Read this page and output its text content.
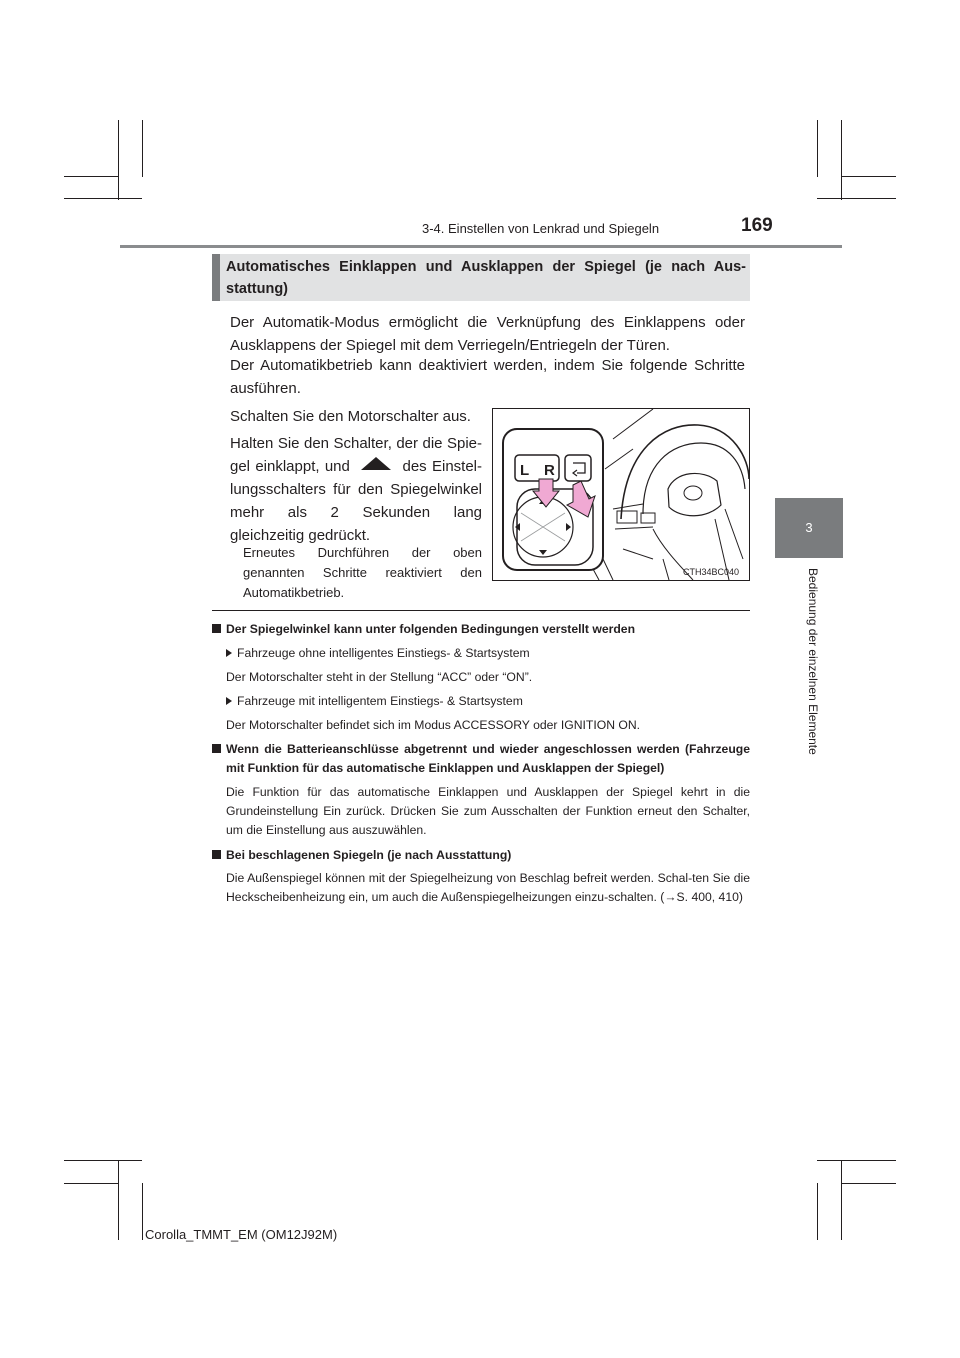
3-4. Einstellen von Lenkrad und Spiegeln	169
3
Bedienung der einzelnen Elemente
Automatisches Einklappen und Ausklappen der Spiegel (je nach Aus-stattung)
Der Automatik-Modus ermöglicht die Verknüpfung des Einklappens oder Ausklappens der Spiegel mit dem Verriegeln/Entriegeln der Türen.
Der Automatikbetrieb kann deaktiviert werden, indem Sie folgende Schritte ausführen.
Schalten Sie den Motorschalter aus.
Halten Sie den Schalter, der die Spie-gel einklappt, und	des Einstel-lungsschalters für den Spiegelwinkel mehr als 2 Sekunden lang gleichzeitig gedrückt.
Erneutes Durchführen der oben genannten Schritte reaktiviert den Automatikbetrieb.
L R
CTH34BC040
Der Spiegelwinkel kann unter folgenden Bedingungen verstellt werden
Fahrzeuge ohne intelligentes Einstiegs- & Startsystem
Der Motorschalter steht in der Stellung “ACC” oder “ON”.
Fahrzeuge mit intelligentem Einstiegs- & Startsystem
Der Motorschalter befindet sich im Modus ACCESSORY oder IGNITION ON.
Wenn die Batterieanschlüsse abgetrennt und wieder angeschlossen werden (Fahrzeuge mit Funktion für das automatische Einklappen und Ausklappen der Spiegel)
Die Funktion für das automatische Einklappen und Ausklappen der Spiegel kehrt in die Grundeinstellung Ein zurück. Drücken Sie zum Ausschalten der Funktion erneut den Schalter, um die Einstellung aus auszuwählen.
Bei beschlagenen Spiegeln (je nach Ausstattung)
Die Außenspiegel können mit der Spiegelheizung von Beschlag befreit werden. Schal-ten Sie die Heckscheibenheizung ein, um auch die Außenspiegelheizungen einzu-schalten. (→S. 400, 410)
Corolla_TMMT_EM (OM12J92M)
